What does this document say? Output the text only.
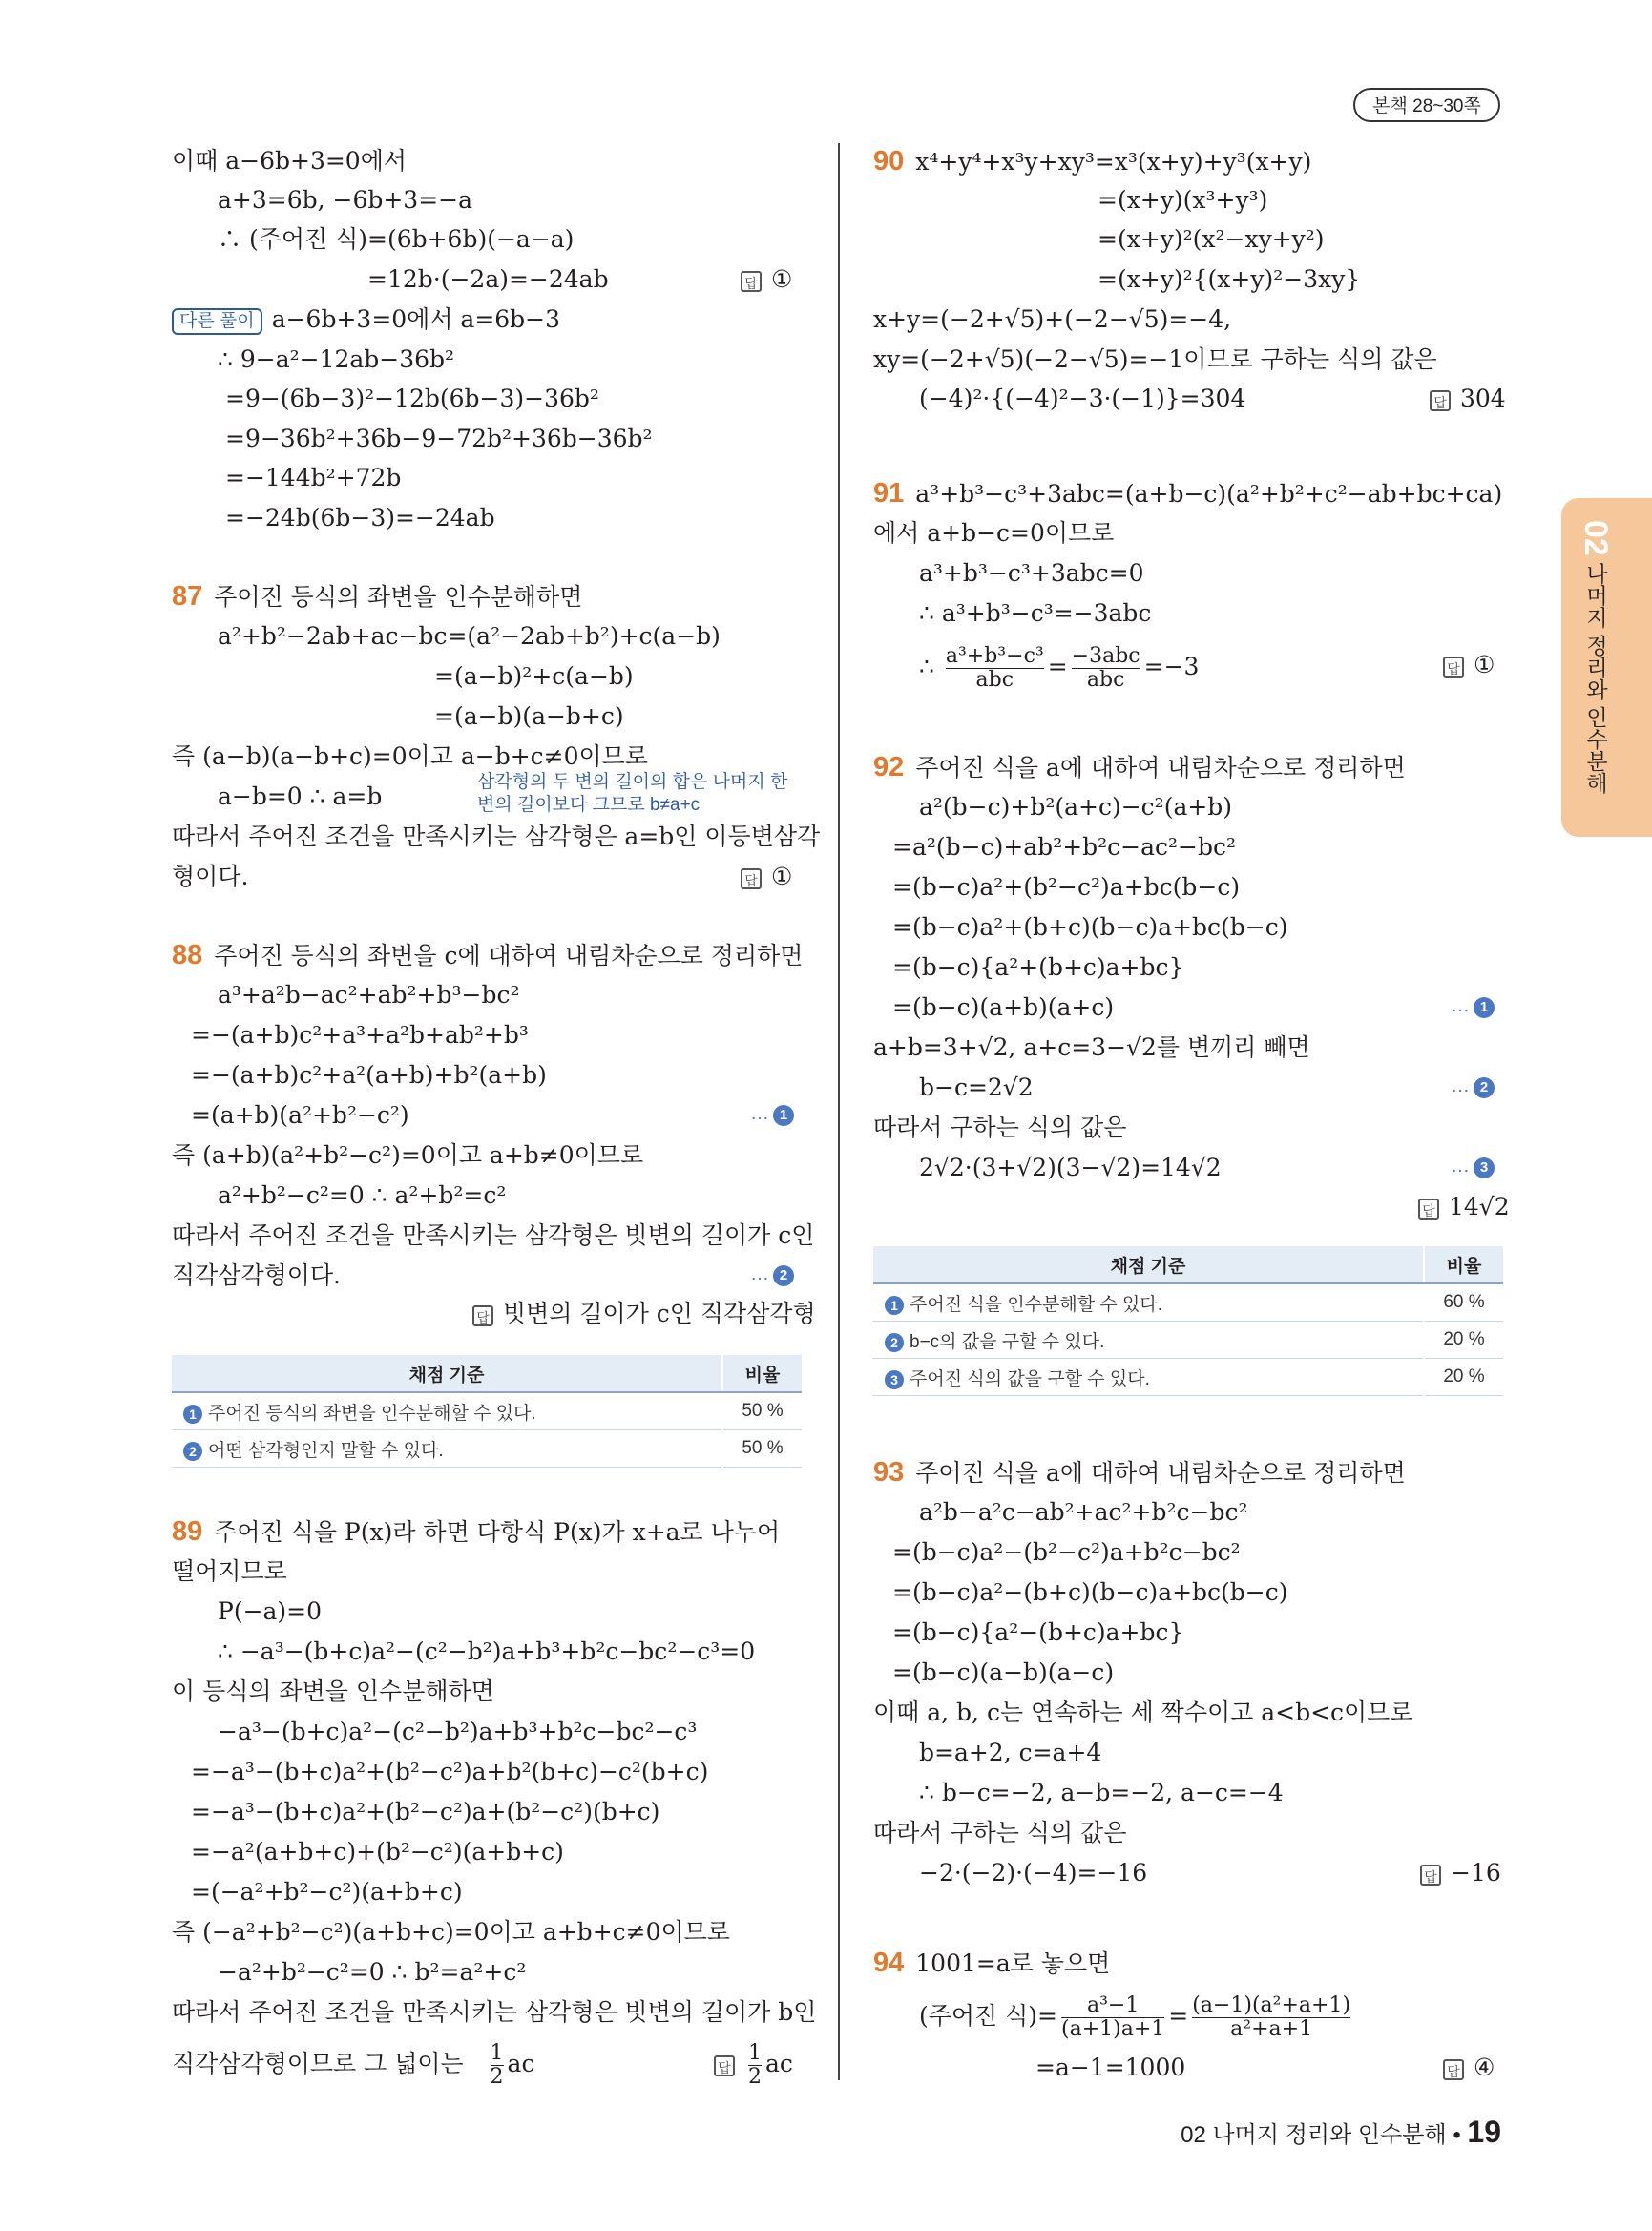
본책 28~30쪽
02 나머지 정리와 인수분해
이때 a−6b+3=0에서
a+3=6b, −6b+3=−a
∴ (주어진 식)=(6b+6b)(−a−a)
=12b·(−2a)=−24ab	답 ①
다른 풀이 a−6b+3=0에서 a=6b−3
∴ 9−a²−12ab−36b²
=9−(6b−3)²−12b(6b−3)−36b²
=9−36b²+36b−9−72b²+36b−36b²
=−144b²+72b
=−24b(6b−3)=−24ab
87 주어진 등식의 좌변을 인수분해하면
a²+b²−2ab+ac−bc=(a²−2ab+b²)+c(a−b)
=(a−b)²+c(a−b)
=(a−b)(a−b+c)
즉 (a−b)(a−b+c)=0이고 a−b+c≠0이므로
a−b=0 ∴ a=b
삼각형의 두 변의 길이의 합은 나머지 한
변의 길이보다 크므로 b≠a+c
따라서 주어진 조건을 만족시키는 삼각형은 a=b인 이등변삼각
형이다.	답 ①
88 주어진 등식의 좌변을 c에 대하여 내림차순으로 정리하면
a³+a²b−ac²+ab²+b³−bc²
=−(a+b)c²+a³+a²b+ab²+b³
=−(a+b)c²+a²(a+b)+b²(a+b)
=(a+b)(a²+b²−c²)	… 1
즉 (a+b)(a²+b²−c²)=0이고 a+b≠0이므로
a²+b²−c²=0 ∴ a²+b²=c²
따라서 주어진 조건을 만족시키는 삼각형은 빗변의 길이가 c인
직각삼각형이다.	… 2
답 빗변의 길이가 c인 직각삼각형
채점 기준	비율
1 주어진 등식의 좌변을 인수분해할 수 있다.	50 %
2 어떤 삼각형인지 말할 수 있다.	50 %
89 주어진 식을 P(x)라 하면 다항식 P(x)가 x+a로 나누어
떨어지므로
P(−a)=0
∴ −a³−(b+c)a²−(c²−b²)a+b³+b²c−bc²−c³=0
이 등식의 좌변을 인수분해하면
−a³−(b+c)a²−(c²−b²)a+b³+b²c−bc²−c³
=−a³−(b+c)a²+(b²−c²)a+b²(b+c)−c²(b+c)
=−a³−(b+c)a²+(b²−c²)a+(b²−c²)(b+c)
=−a²(a+b+c)+(b²−c²)(a+b+c)
=(−a²+b²−c²)(a+b+c)
즉 (−a²+b²−c²)(a+b+c)=0이고 a+b+c≠0이므로
−a²+b²−c²=0 ∴ b²=a²+c²
따라서 주어진 조건을 만족시키는 삼각형은 빗변의 길이가 b인
직각삼각형이므로 그 넓이는 $\frac{1}{2}$ ac	답 $\frac{1}{2}$ ac
90 x⁴+y⁴+x³y+xy³=x³(x+y)+y³(x+y)
=(x+y)(x³+y³)
=(x+y)²(x²−xy+y²)
=(x+y)²{(x+y)²−3xy}
x+y=(−2+√5)+(−2−√5)=−4,
xy=(−2+√5)(−2−√5)=−1이므로 구하는 식의 값은
(−4)²·{(−4)²−3·(−1)}=304	답 304
91 a³+b³−c³+3abc=(a+b−c)(a²+b²+c²−ab+bc+ca)
에서 a+b−c=0이므로
a³+b³−c³+3abc=0
∴ a³+b³−c³=−3abc
∴ $\frac{\text{a³+b³−c³}}{\text{abc}} = \frac{\text{−3abc}}{\text{abc}} =-3$	답 ①
92 주어진 식을 a에 대하여 내림차순으로 정리하면
a²(b−c)+b²(a+c)−c²(a+b)
=a²(b−c)+ab²+b²c−ac²−bc²
=(b−c)a²+(b²−c²)a+bc(b−c)
=(b−c)a²+(b+c)(b−c)a+bc(b−c)
=(b−c){a²+(b+c)a+bc}
=(b−c)(a+b)(a+c)	… 1
a+b=3+√2, a+c=3−√2를 변끼리 빼면
b−c=2√2	… 2
따라서 구하는 식의 값은
2√2·(3+√2)(3−√2)=14√2	… 3
답 14√2
채점 기준	비율
1 주어진 식을 인수분해할 수 있다.	60 %
2 b−c의 값을 구할 수 있다.	20 %
3 주어진 식의 값을 구할 수 있다.	20 %
93 주어진 식을 a에 대하여 내림차순으로 정리하면
a²b−a²c−ab²+ac²+b²c−bc²
=(b−c)a²−(b²−c²)a+b²c−bc²
=(b−c)a²−(b+c)(b−c)a+bc(b−c)
=(b−c){a²−(b+c)a+bc}
=(b−c)(a−b)(a−c)
이때 a, b, c는 연속하는 세 짝수이고 a<b<c이므로
b=a+2, c=a+4
∴ b−c=−2, a−b=−2, a−c=−4
따라서 구하는 식의 값은
−2·(−2)·(−4)=−16	답 −16
94 1001=a로 놓으면
(주어진 식)= $\frac{\text{a³−1}}{(a+1)a+1} = \frac{\text{(a−1)(a²+a+1)}}{\text{a²+a+1}}$
=a−1=1000	답 ④
02 나머지 정리와 인수분해 • 19
